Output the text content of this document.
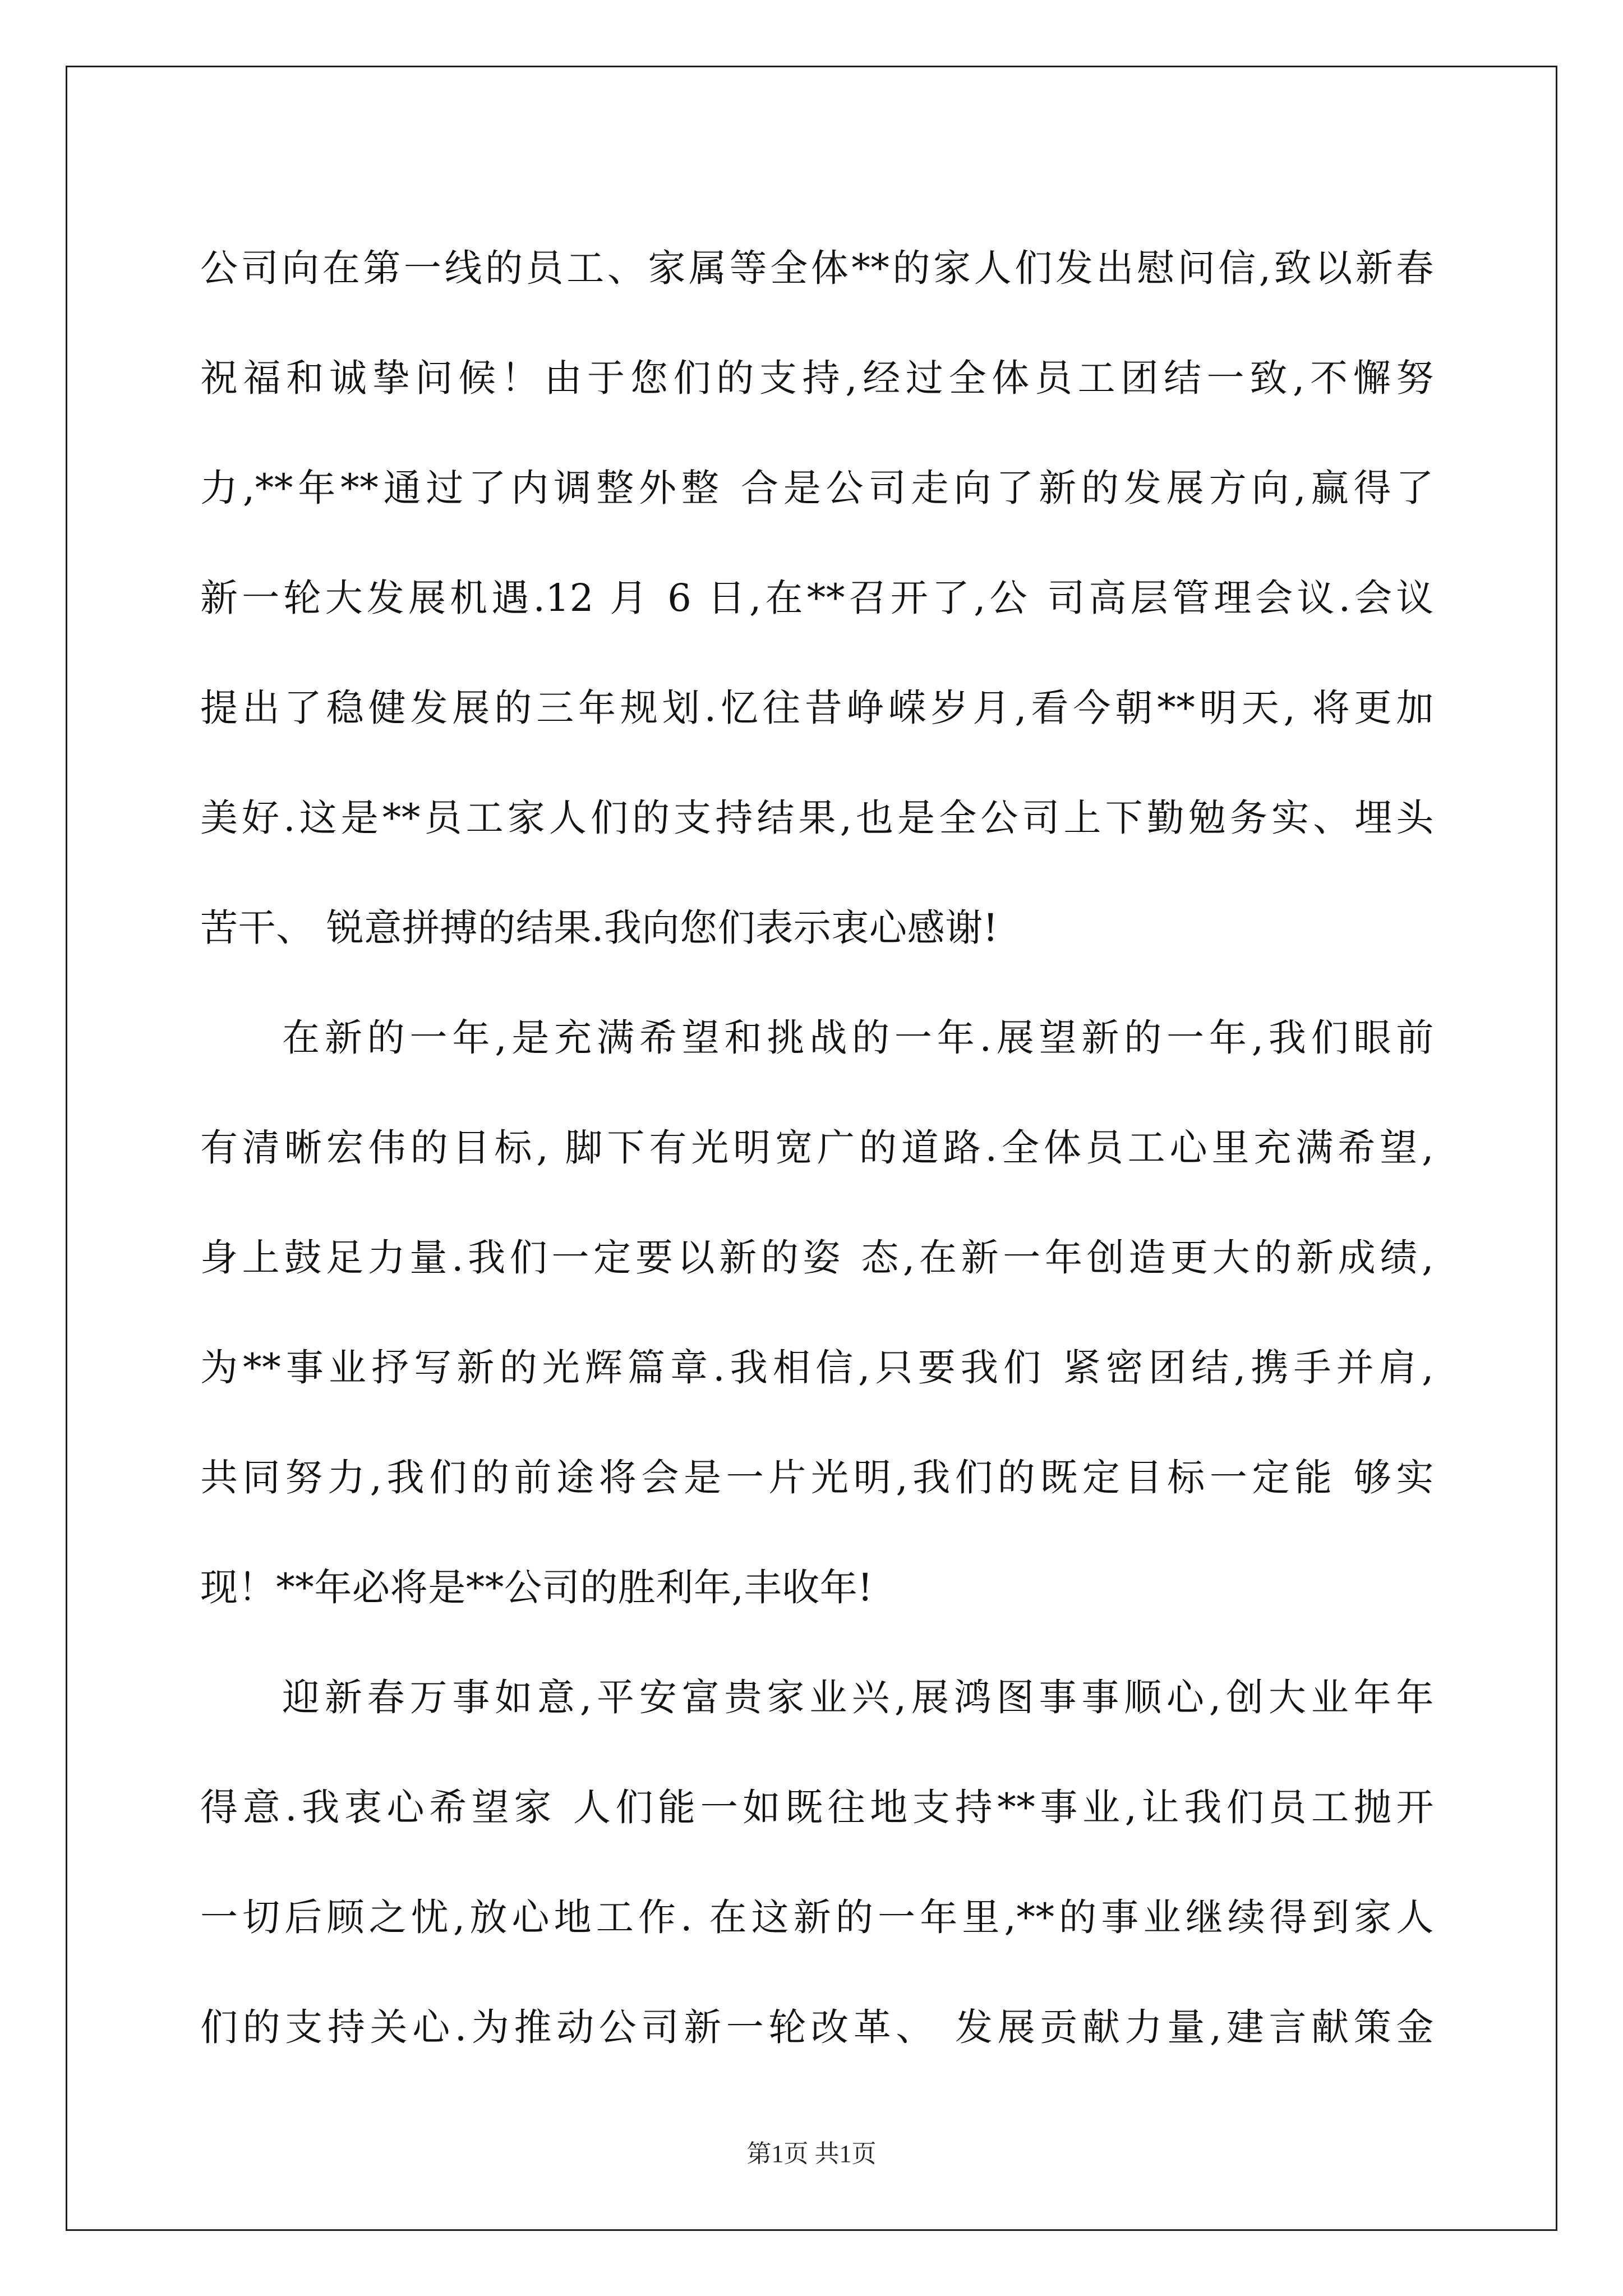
公司向在第一线的员工、家属等全体**的家人们发出慰问信,致以新春
祝福和诚挚问候！由于您们的支持,经过全体员工团结一致,不懈努
力,**年**通过了内调整外整 合是公司走向了新的发展方向,赢得了
新一轮大发展机遇.12 月 6 日,在**召开了,公 司高层管理会议.会议
提出了稳健发展的三年规划.忆往昔峥嵘岁月,看今朝**明天, 将更加
美好.这是**员工家人们的支持结果,也是全公司上下勤勉务实、埋头
苦干、 锐意拼搏的结果.我向您们表示衷心感谢!
在新的一年,是充满希望和挑战的一年.展望新的一年,我们眼前
有清晰宏伟的目标, 脚下有光明宽广的道路.全体员工心里充满希望,
身上鼓足力量.我们一定要以新的姿 态,在新一年创造更大的新成绩,
为**事业抒写新的光辉篇章.我相信,只要我们 紧密团结,携手并肩,
共同努力,我们的前途将会是一片光明,我们的既定目标一定能 够实
现！**年必将是**公司的胜利年,丰收年!
迎新春万事如意,平安富贵家业兴,展鸿图事事顺心,创大业年年
得意.我衷心希望家 人们能一如既往地支持**事业,让我们员工抛开
一切后顾之忧,放心地工作. 在这新的一年里,**的事业继续得到家人
们的支持关心.为推动公司新一轮改革、 发展贡献力量,建言献策金
第1页 共1页
